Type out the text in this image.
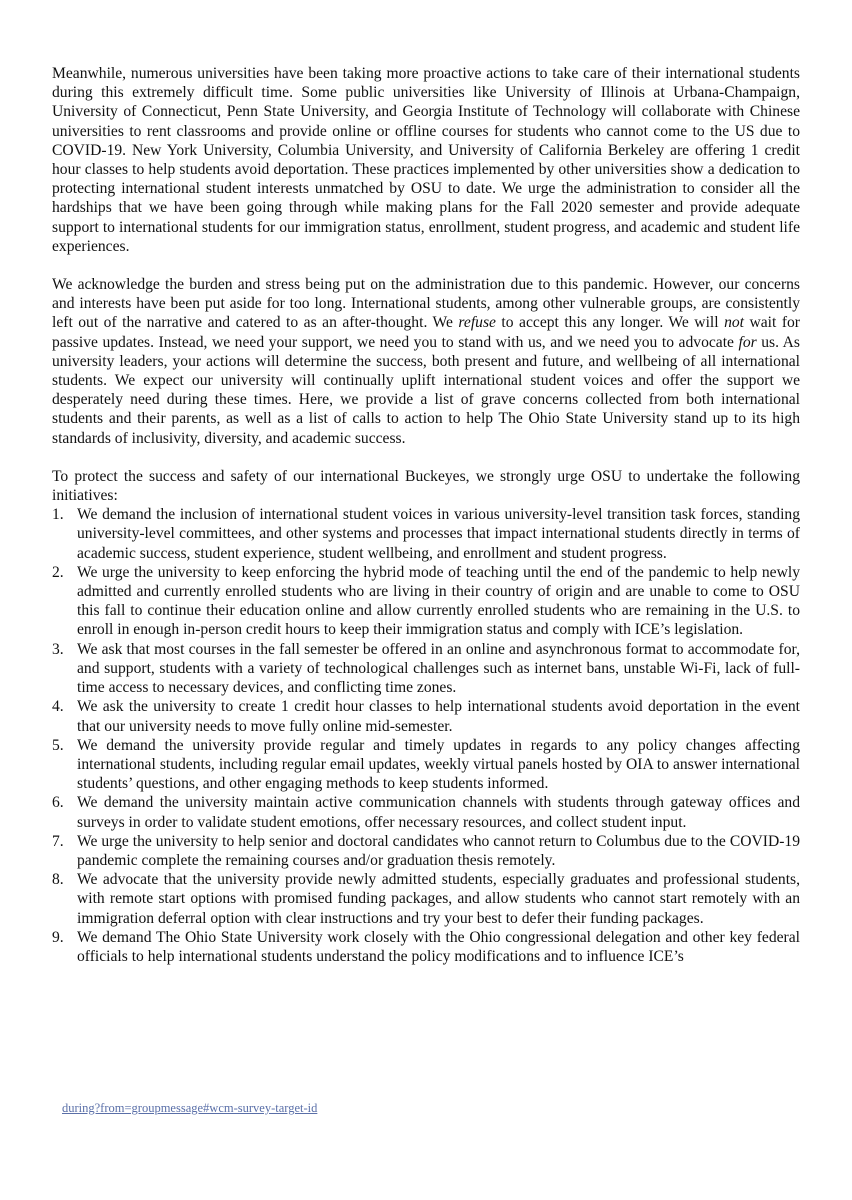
Meanwhile, numerous universities have been taking more proactive actions to take care of their international students during this extremely difficult time. Some public universities like University of Illinois at Urbana-Champaign, University of Connecticut, Penn State University, and Georgia Institute of Technology will collaborate with Chinese universities to rent classrooms and provide online or offline courses for students who cannot come to the US due to COVID-19. New York University, Columbia University, and University of California Berkeley are offering 1 credit hour classes to help students avoid deportation. These practices implemented by other universities show a dedication to protecting international student interests unmatched by OSU to date. We urge the administration to consider all the hardships that we have been going through while making plans for the Fall 2020 semester and provide adequate support to international students for our immigration status, enrollment, student progress, and academic and student life experiences.

We acknowledge the burden and stress being put on the administration due to this pandemic. However, our concerns and interests have been put aside for too long. International students, among other vulnerable groups, are consistently left out of the narrative and catered to as an after-thought. We refuse to accept this any longer. We will not wait for passive updates. Instead, we need your support, we need you to stand with us, and we need you to advocate for us. As university leaders, your actions will determine the success, both present and future, and wellbeing of all international students. We expect our university will continually uplift international student voices and offer the support we desperately need during these times. Here, we provide a list of grave concerns collected from both international students and their parents, as well as a list of calls to action to help The Ohio State University stand up to its high standards of inclusivity, diversity, and academic success.

To protect the success and safety of our international Buckeyes, we strongly urge OSU to undertake the following initiatives:

1. We demand the inclusion of international student voices in various university-level transition task forces, standing university-level committees, and other systems and processes that impact international students directly in terms of academic success, student experience, student wellbeing, and enrollment and student progress.
2. We urge the university to keep enforcing the hybrid mode of teaching until the end of the pandemic to help newly admitted and currently enrolled students who are living in their country of origin and are unable to come to OSU this fall to continue their education online and allow currently enrolled students who are remaining in the U.S. to enroll in enough in-person credit hours to keep their immigration status and comply with ICE’s legislation.
3. We ask that most courses in the fall semester be offered in an online and asynchronous format to accommodate for, and support, students with a variety of technological challenges such as internet bans, unstable Wi-Fi, lack of full-time access to necessary devices, and conflicting time zones.
4. We ask the university to create 1 credit hour classes to help international students avoid deportation in the event that our university needs to move fully online mid-semester.
5. We demand the university provide regular and timely updates in regards to any policy changes affecting international students, including regular email updates, weekly virtual panels hosted by OIA to answer international students’ questions, and other engaging methods to keep students informed.
6. We demand the university maintain active communication channels with students through gateway offices and surveys in order to validate student emotions, offer necessary resources, and collect student input.
7. We urge the university to help senior and doctoral candidates who cannot return to Columbus due to the COVID-19 pandemic complete the remaining courses and/or graduation thesis remotely.
8. We advocate that the university provide newly admitted students, especially graduates and professional students, with remote start options with promised funding packages, and allow students who cannot start remotely with an immigration deferral option with clear instructions and try your best to defer their funding packages.
9. We demand The Ohio State University work closely with the Ohio congressional delegation and other key federal officials to help international students understand the policy modifications and to influence ICE’s
during?from=groupmessage#wcm-survey-target-id
